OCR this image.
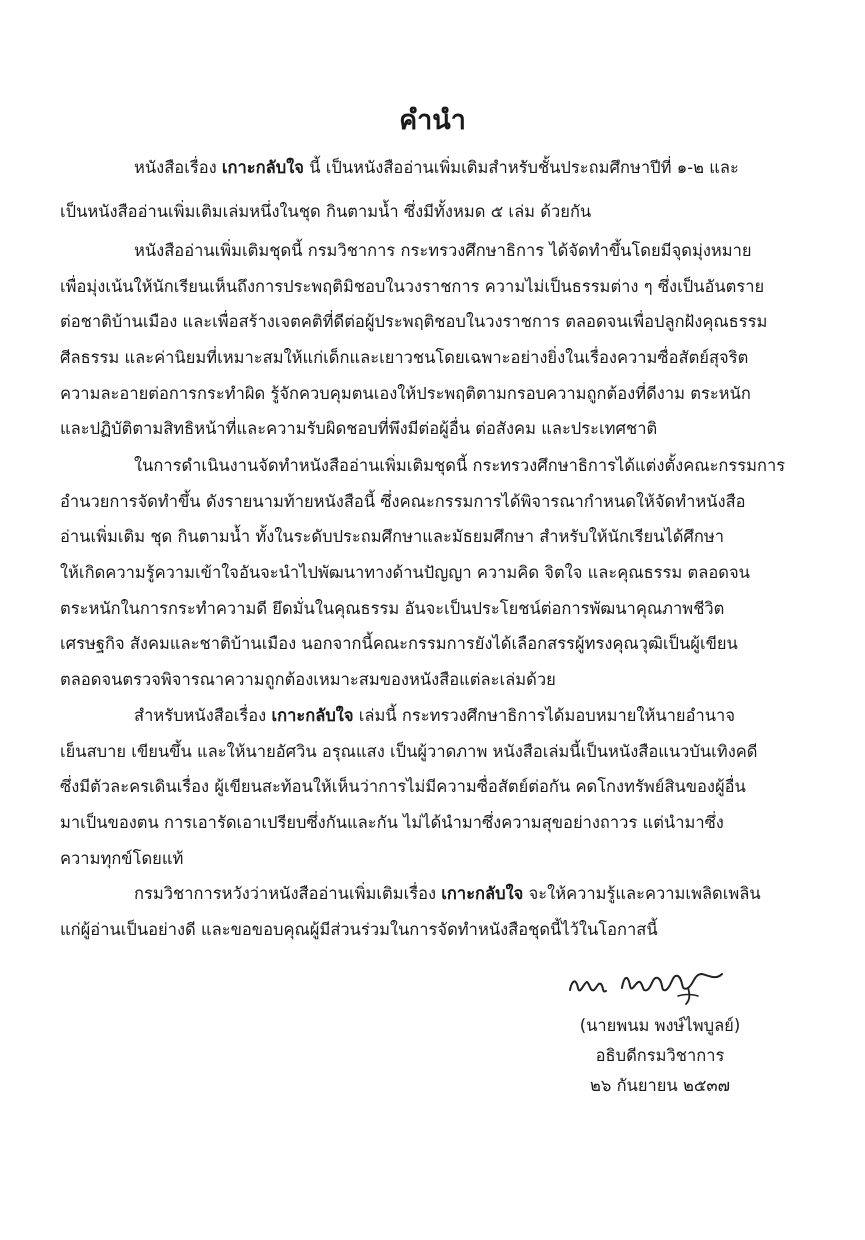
คำนำ
หนังสือเรื่อง เกาะกลับใจ นี้ เป็นหนังสืออ่านเพิ่มเติมสำหรับชั้นประถมศึกษาปีที่ ๑-๒ และ
เป็นหนังสืออ่านเพิ่มเติมเล่มหนึ่งในชุด กินตามน้ำ ซึ่งมีทั้งหมด ๕ เล่ม ด้วยกัน
หนังสืออ่านเพิ่มเติมชุดนี้ กรมวิชาการ กระทรวงศึกษาธิการ ได้จัดทำขึ้นโดยมีจุดมุ่งหมาย
เพื่อมุ่งเน้นให้นักเรียนเห็นถึงการประพฤติมิชอบในวงราชการ ความไม่เป็นธรรมต่าง ๆ ซึ่งเป็นอันตราย
ต่อชาติบ้านเมือง และเพื่อสร้างเจตคติที่ดีต่อผู้ประพฤติชอบในวงราชการ ตลอดจนเพื่อปลูกฝังคุณธรรม
ศีลธรรม และค่านิยมที่เหมาะสมให้แก่เด็กและเยาวชนโดยเฉพาะอย่างยิ่งในเรื่องความซื่อสัตย์สุจริต
ความละอายต่อการกระทำผิด รู้จักควบคุมตนเองให้ประพฤติตามกรอบความถูกต้องที่ดีงาม ตระหนัก
และปฏิบัติตามสิทธิหน้าที่และความรับผิดชอบที่พึงมีต่อผู้อื่น ต่อสังคม และประเทศชาติ
ในการดำเนินงานจัดทำหนังสืออ่านเพิ่มเติมชุดนี้ กระทรวงศึกษาธิการได้แต่งตั้งคณะกรรมการ
อำนวยการจัดทำขึ้น ดังรายนามท้ายหนังสือนี้ ซึ่งคณะกรรมการได้พิจารณากำหนดให้จัดทำหนังสือ
อ่านเพิ่มเติม ชุด กินตามน้ำ ทั้งในระดับประถมศึกษาและมัธยมศึกษา สำหรับให้นักเรียนได้ศึกษา
ให้เกิดความรู้ความเข้าใจอันจะนำไปพัฒนาทางด้านปัญญา ความคิด จิตใจ และคุณธรรม ตลอดจน
ตระหนักในการกระทำความดี ยึดมั่นในคุณธรรม อันจะเป็นประโยชน์ต่อการพัฒนาคุณภาพชีวิต
เศรษฐกิจ สังคมและชาติบ้านเมือง นอกจากนี้คณะกรรมการยังได้เลือกสรรผู้ทรงคุณวุฒิเป็นผู้เขียน
ตลอดจนตรวจพิจารณาความถูกต้องเหมาะสมของหนังสือแต่ละเล่มด้วย
สำหรับหนังสือเรื่อง เกาะกลับใจ เล่มนี้ กระทรวงศึกษาธิการได้มอบหมายให้นายอำนาจ
เย็นสบาย เขียนขึ้น และให้นายอัศวิน อรุณแสง เป็นผู้วาดภาพ หนังสือเล่มนี้เป็นหนังสือแนวบันเทิงคดี
ซึ่งมีตัวละครเดินเรื่อง ผู้เขียนสะท้อนให้เห็นว่าการไม่มีความซื่อสัตย์ต่อกัน คดโกงทรัพย์สินของผู้อื่น
มาเป็นของตน การเอารัดเอาเปรียบซึ่งกันและกัน ไม่ได้นำมาซึ่งความสุขอย่างถาวร แต่นำมาซึ่ง
ความทุกข์โดยแท้
กรมวิชาการหวังว่าหนังสืออ่านเพิ่มเติมเรื่อง เกาะกลับใจ จะให้ความรู้และความเพลิดเพลิน
แก่ผู้อ่านเป็นอย่างดี และขอขอบคุณผู้มีส่วนร่วมในการจัดทำหนังสือชุดนี้ไว้ในโอกาสนี้
(นายพนม พงษ์ไพบูลย์)
อธิบดีกรมวิชาการ
๒๖ กันยายน ๒๕๓๗
